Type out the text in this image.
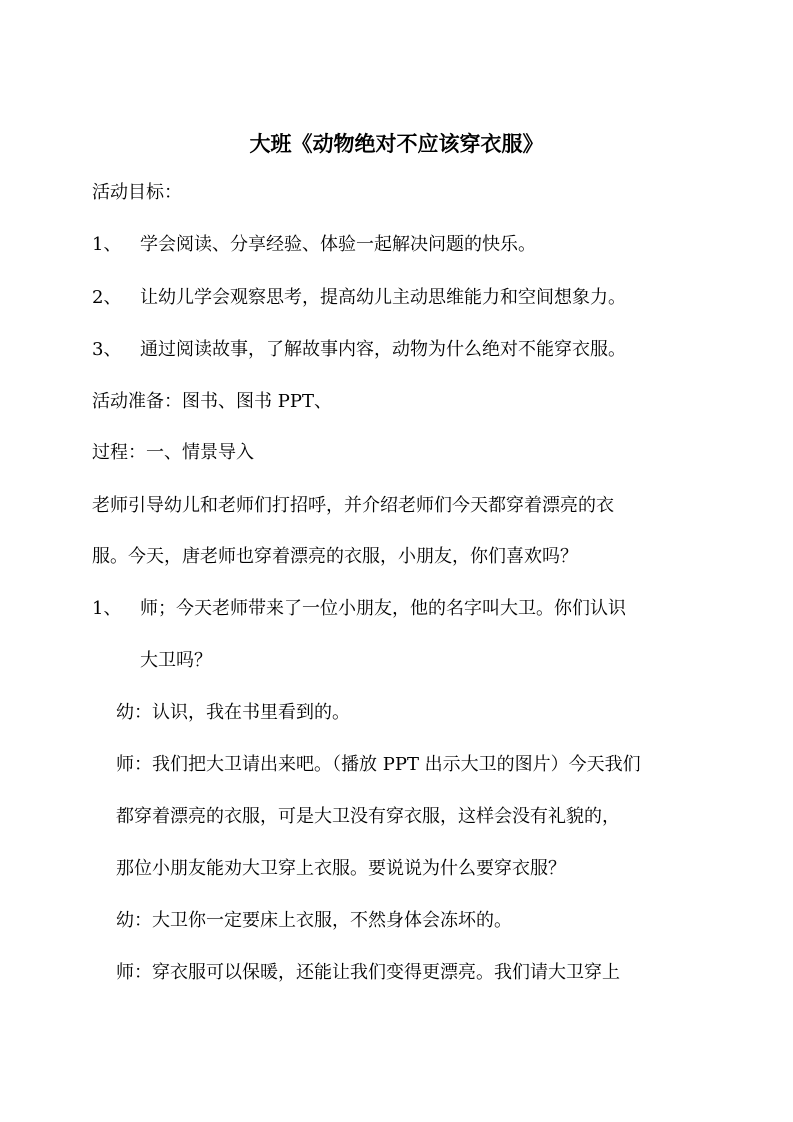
大班《动物绝对不应该穿衣服》
活动目标：
1、 学会阅读、分享经验、体验一起解决问题的快乐。
2、 让幼儿学会观察思考，提高幼儿主动思维能力和空间想象力。
3、 通过阅读故事，了解故事内容，动物为什么绝对不能穿衣服。
活动准备：图书、图书 PPT、
过程：一、情景导入
老师引导幼儿和老师们打招呼，并介绍老师们今天都穿着漂亮的衣
服。今天，唐老师也穿着漂亮的衣服，小朋友，你们喜欢吗？
1、 师；今天老师带来了一位小朋友，他的名字叫大卫。你们认识
大卫吗？
幼：认识，我在书里看到的。
师：我们把大卫请出来吧。（播放 PPT 出示大卫的图片）今天我们
都穿着漂亮的衣服，可是大卫没有穿衣服，这样会没有礼貌的，
那位小朋友能劝大卫穿上衣服。要说说为什么要穿衣服？
幼：大卫你一定要床上衣服，不然身体会冻坏的。
师：穿衣服可以保暖，还能让我们变得更漂亮。我们请大卫穿上
